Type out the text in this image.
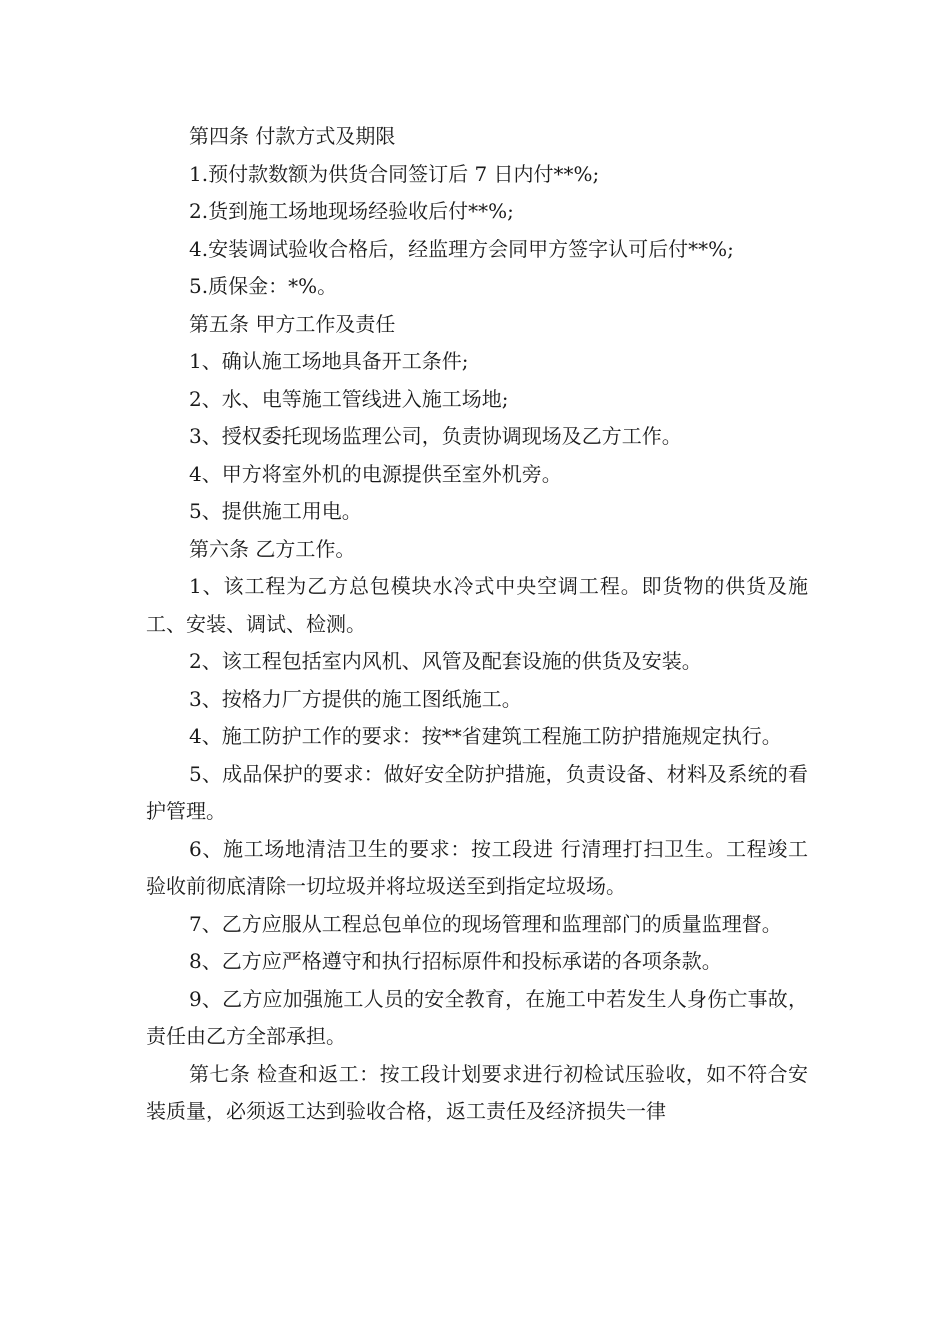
第四条 付款方式及期限

1.预付款数额为供货合同签订后 7 日内付**%;

2.货到施工场地现场经验收后付**%;

4.安装调试验收合格后，经监理方会同甲方签字认可后付**%;

5.质保金：*%。

第五条 甲方工作及责任

1、确认施工场地具备开工条件;

2、水、电等施工管线进入施工场地;

3、授权委托现场监理公司，负责协调现场及乙方工作。

4、甲方将室外机的电源提供至室外机旁。

5、提供施工用电。

第六条 乙方工作。

1、该工程为乙方总包模块水冷式中央空调工程。即货物的供货及施工、安装、调试、检测。

2、该工程包括室内风机、风管及配套设施的供货及安装。

3、按格力厂方提供的施工图纸施工。

4、施工防护工作的要求：按**省建筑工程施工防护措施规定执行。

5、成品保护的要求：做好安全防护措施，负责设备、材料及系统的看护管理。

6、施工场地清洁卫生的要求：按工段进 行清理打扫卫生。工程竣工验收前彻底清除一切垃圾并将垃圾送至到指定垃圾场。

7、乙方应服从工程总包单位的现场管理和监理部门的质量监理督。

8、乙方应严格遵守和执行招标原件和投标承诺的各项条款。

9、乙方应加强施工人员的安全教育，在施工中若发生人身伤亡事故，责任由乙方全部承担。

第七条 检查和返工：按工段计划要求进行初检试压验收，如不符合安装质量，必须返工达到验收合格，返工责任及经济损失一律
